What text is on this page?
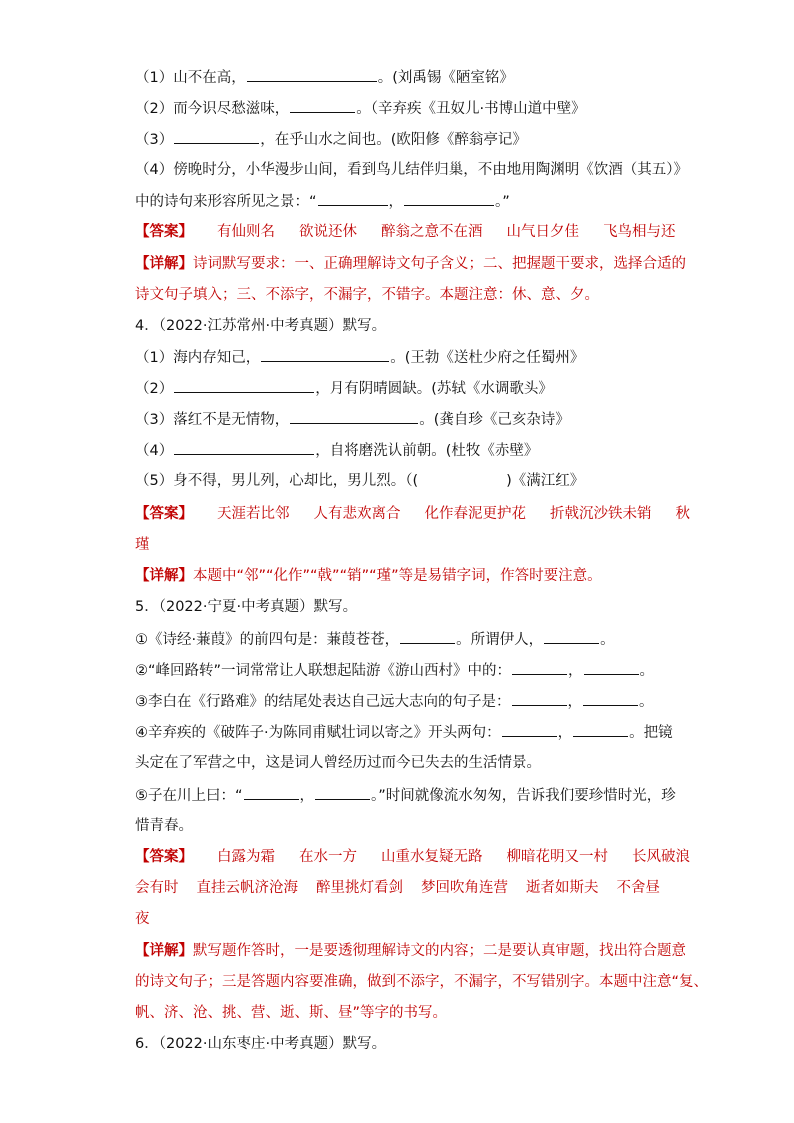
（1）山不在高，	。(刘禹锡《陋室铭》
（2）而今识尽愁滋味，	。（辛弃疾《丑奴儿·书博山道中壁》
（3）	，在乎山水之间也。(欧阳修《醉翁亭记》
（4）傍晚时分，小华漫步山间，看到鸟儿结伴归巢，不由地用陶渊明《饮酒（其五）》
中的诗句来形容所见之景：“	，	。”
【答案】 有仙则名 欲说还休 醉翁之意不在酒 山气日夕佳 飞鸟相与还
【详解】诗词默写要求：一、正确理解诗文句子含义；二、把握题干要求，选择合适的
诗文句子填入；三、不添字，不漏字，不错字。本题注意：休、意、夕。
4．（2022·江苏常州·中考真题）默写。
（1）海内存知己，	。(王勃《送杜少府之任蜀州》
（2）	，月有阴晴圆缺。(苏轼《水调歌头》
（3）落红不是无情物，	。(龚自珍《己亥杂诗》
（4）	，自将磨洗认前朝。(杜牧《赤壁》
（5）身不得，男儿列，心却比，男儿烈。（(	)《满江红》
【答案】 天涯若比邻 人有悲欢离合 化作春泥更护花 折戟沉沙铁未销 秋
瑾
【详解】本题中“邻”“化作”“戟”“销”“瑾”等是易错字词，作答时要注意。
5．（2022·宁夏·中考真题）默写。
①《诗经·蒹葭》的前四句是：蒹葭苍苍，	。所谓伊人，	。
②“峰回路转”一词常常让人联想起陆游《游山西村》中的：	，	。
③李白在《行路难》的结尾处表达自己远大志向的句子是：	，	。
④辛弃疾的《破阵子·为陈同甫赋壮词以寄之》开头两句：	，	。把镜
头定在了军营之中，这是词人曾经历过而今已失去的生活情景。
⑤子在川上曰：“	，	。”时间就像流水匆匆，告诉我们要珍惜时光，珍
惜青春。
【答案】 白露为霜 在水一方 山重水复疑无路 柳暗花明又一村 长风破浪
会有时 直挂云帆济沧海 醉里挑灯看剑 梦回吹角连营 逝者如斯夫 不舍昼
夜
【详解】默写题作答时，一是要透彻理解诗文的内容；二是要认真审题，找出符合题意
的诗文句子；三是答题内容要准确，做到不添字，不漏字，不写错别字。本题中注意“复、
帆、济、沧、挑、营、逝、斯、昼”等字的书写。
6．（2022·山东枣庄·中考真题）默写。
